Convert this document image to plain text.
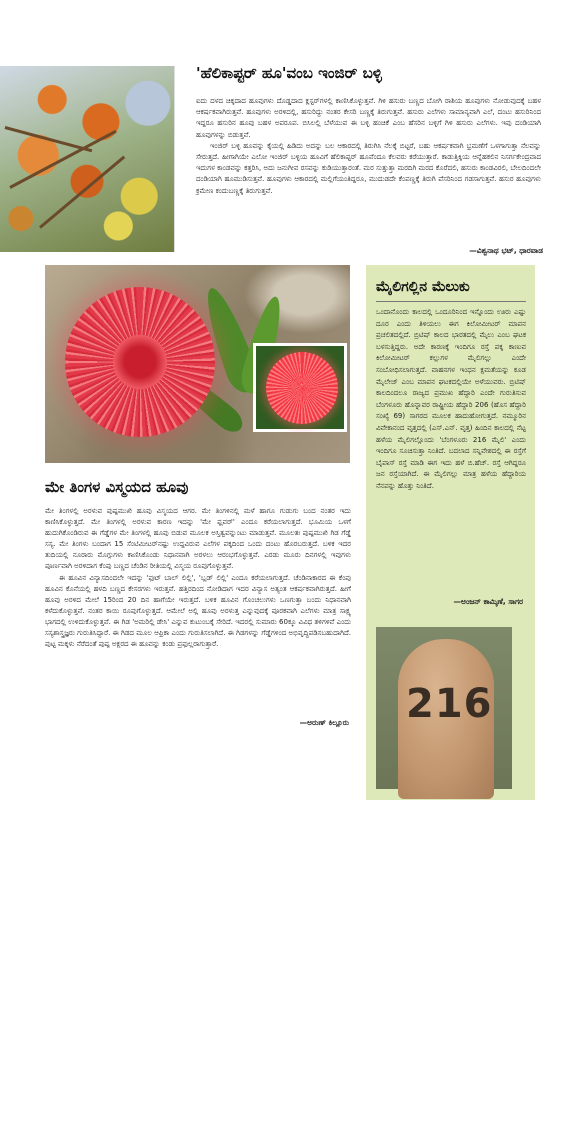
'ಹೆಲಿಕಾಪ್ಟರ್ ಹೂ'ವಂಬ ಇಂಜಿರ್ ಬಳ್ಳಿ

ಐದು ದಳದ ಚಿಕ್ಕದಾದ ಹೂವುಗಳು ದೊಡ್ಡದಾದ ಕ್ಲಸ್ಟರ್‌ಗಳಲ್ಲಿ ಕಾಣಿಸಿಕೊಳ್ಳುತ್ತವೆ. ಗಿಳಿ ಹಸುರು ಬಣ್ಣದ ಬೋಗಿ ರಾಶಿಯ ಹೂವುಗಳು ನೋಡುವುದಕ್ಕೆ ಬಹಳ ಆಕರ್ಷಕವಾಗಿರುತ್ತವೆ. ಹೂವುಗಳು ಅರಳಿದಲ್ಲಿ, ಹಸುರಿದ್ದು ನಂತರ ಕೇಸರಿ ಬಣ್ಣಕ್ಕೆ ತಿರುಗುತ್ತವೆ. ಹಸುರು ಎಲೆಗಳು ಸಾಮಾನ್ಯವಾಗಿ ಎಲೆ, ದಂಟು ಹಸುರಿನಿಂದ ಇದ್ದರೂ ಹಸುರಿನ ಹೂವು ಬಹಳ ಅಪರೂಪ. ಬಿಸಿಲಲ್ಲಿ ಬೆಳೆಯುವ ಈ ಬಳ್ಳಿ ಹಂಚಿಕೆ ಎಂಬ ಹೆಸರಿನ ಬಳ್ಳಿಗೆ ಗಿಳಿ ಹಸುರು ಎಲೆಗಳು. ಇವು ದಂಡಿಯಾಗಿ ಹೂವುಗಳನ್ನು ಬಿಡುತ್ತವೆ.

ಇಂಜಿರ್ ಬಳ್ಳಿ ಹೂವನ್ನು ಕೈಯಲ್ಲಿ ಹಿಡಿದು ಅದನ್ನು ಬಲ ಆಕಾರದಲ್ಲಿ ತಿರುಗಿಸಿ ನೆಲಕ್ಕೆ ಬಿಟ್ಟರೆ, ಬಹು ಆಕರ್ಷಕವಾಗಿ ಭ್ರಮಣೆಗೆ ಒಳಗಾಗುತ್ತಾ ನೆಲವನ್ನು ಸೇರುತ್ತದೆ. ಹೀಗಾಗಿಯೇ ಎಲೋ ಇಂಜಿರ್ ಬಳ್ಳಿಯ ಹೂವಿಗೆ ಹೆಲಿಕಾಪ್ಟರ್ ಹೂವೆಂದೂ ಕೆಲವರು ಕರೆಯುತ್ತಾರೆ. ಕಾಡುತ್ತಿಕ್ಕಿಯ ಆನ್ನೆಹಕಲಿನ ನಿಸರ್ಗಕೇಂದ್ರವಾದ ಇದುಗಳ ಕಾಂಡವನ್ನು ಕತ್ತರಿಸಿ, ಅದು ಜನುಗೀವ ರಸವನ್ನು ಕುಡಿಯುತ್ತಾರಂತೆ. ಮರ ಸುತ್ತುತ್ತಾ ಮರದಿಗಿ ಮರದ ಕೊರೆದಲಿ, ಹಸುರು ಕಾಂಡವಿರಲಿ, ಬೇಲದಿಂದಲೇ ದಂಡಿಯಾಗಿ ಹೂಮುಡಿಸುತ್ತವೆ. ಹೂವುಗಳು ಆಕಾರದಲ್ಲಿ ಮಲ್ಲಿಗೆಯಂತಿದ್ದರೂ, ಮುದುಡದೇ ಕೆಂಪಣ್ಣಕ್ಕೆ ತಿರುಗಿ ಪೆಸರಿನಿಂದ ಗಡಸಾಗುತ್ತವೆ. ಹಸುರ ಹೂವುಗಳು ಕ್ರಮೇಣ ಕಂದುಬಣ್ಣಕ್ಕೆ ತಿರುಗುತ್ತವೆ.

—ವಿಶ್ವನಾಥ ಭಟ್, ಧಾರವಾಡ
ಮೇ ತಿಂಗಳ ವಿಸ್ಮಯದ ಹೂವು

ಮೇ ತಿಂಗಳಲ್ಲಿ ಅರಳುವ ಪುಷ್ಪಮುಖಿ ಹೂವು ವಿಸ್ಮಯದ ಆಗರ. ಮೇ ತಿಂಗಳಿನಲ್ಲಿ ಮಳೆ ಹಾಗೂ ಗುಡುಗು ಬಂದ ನಂತರ ಇದು ಕಾಣಿಸಿಕೊಳ್ಳುತ್ತದೆ. ಮೇ ತಿಂಗಳಲ್ಲಿ ಅರಳುವ ಕಾರಣ ಇದನ್ನು 'ಮೇ ಫ್ಲವರ್' ಎಂದೂ ಕರೆಯಲಾಗುತ್ತದೆ. ಭೂಮಿಯ ಒಳಗೆ ಹುದುಗಿಕೊಂಡಿರುವ ಈ ಗೆಡ್ಡೆಗಳ ಮೇ ತಿಂಗಳಲ್ಲಿ ಹೂವು ಬಿಡುವ ಮೂಲಕ ಅಸ್ತಿತ್ವವನ್ನುಂಟು ಮಾಡುತ್ತವೆ. ಮೂಲತಃ ಪುಷ್ಪಮುಖಿ ಗಿಡ ಗೆಡ್ಡೆ ಸಸ್ಯ. ಮೇ ತಿಂಗಳು ಬಂದಾಗ 15 ಸೆಂಟಿಮೀಟರ್‌ನಷ್ಟು ಉದ್ದವಿರುವ ಎಲೆಗಳ ಪಕ್ಕದಿಂದ ಒಂದು ದಂಟು ಹೊರಬರುತ್ತದೆ. ಬಳಿಕ ಇದರ ತುದಿಯಲ್ಲಿ ನೂರಾರು ಮೊಗ್ಗುಗಳು ಕಾಣಿಸಿಕೊಂಡು ನಿಧಾನವಾಗಿ ಅರಳಲು ಆರಂಭಗೊಳ್ಳುತ್ತವೆ. ಎರಡು ಮೂರು ದಿನಗಳಲ್ಲಿ ಇವುಗಳು ಪೂರ್ಣವಾಗಿ ಅರಳಿದಾಗ ಕೆಂಪು ಬಣ್ಣದ ಚೆಂಡಿನ ರೀತಿಯಲ್ಲಿ ವಿಸ್ಮಯ ರೂಪುಗೊಳ್ಳುತ್ತವೆ.

ಈ ಹೂವಿನ ವಿನ್ಯಾಸದಿಂದಲೇ ಇದನ್ನು 'ಫುಟ್ ಬಾಲ್ ಲಿಲ್ಲಿ', 'ಬ್ಲಡ್ ಲಿಲ್ಲಿ' ಎಂದೂ ಕರೆಯಲಾಗುತ್ತದೆ. ಚೆಂಡಿನಾಕಾರದ ಈ ಕೆಂಪು ಹೂವಿನ ಕೊನೆಯಲ್ಲಿ ಹಳದಿ ಬಣ್ಣದ ಕೇಸರಗಳು ಇರುತ್ತವೆ. ಹತ್ತಿರದಿಂದ ನೋಡಿದಾಗ ಇದರ ವಿನ್ಯಾಸ ಅತ್ಯಂತ ಆಕರ್ಷಕವಾಗಿರುತ್ತದೆ. ಹೀಗೆ ಹೂವು ಅರಳಿದ ಮೇಲೆ 15ರಿಂದ 20 ದಿನ ಹಾಗೆಯೇ ಇರುತ್ತದೆ. ಬಳಿಕ ಹೂವಿನ ಗೊಂಚಲುಗಳು ಒಣಗುತ್ತಾ ಬಂದು ನಿಧಾನವಾಗಿ ಕಳೆದುಕೊಳ್ಳುತ್ತವೆ. ನಂತರ ಕಾಯಿ ರೂಪುಗೊಳ್ಳುತ್ತದೆ. ಆಮೇಲೆ ಅಲ್ಲಿ ಹೂವು ಅರಳುತ್ತ ಎನ್ನುವುದಕ್ಕೆ ಪೂರಕವಾಗಿ ಎಲೆಗಳು ಮಾತ್ರ ಸಾಕ್ಷ್ಯ ಭಾಗದಲ್ಲಿ ಉಳಿದುಕೊಳ್ಳುತ್ತವೆ. ಈ ಗಿಡ 'ಅಮರಿಲ್ಲಿ ಡೇಸಿ' ಎನ್ನುವ ಕುಟುಂಬಕ್ಕೆ ಸೇರಿದೆ. ಇದರಲ್ಲಿ ಸುಮಾರು 60ಕ್ಕೂ ವಿವಿಧ ತಳಿಗಳಿವೆ ಎಂದು ಸಸ್ಯಶಾಸ್ತ್ರಜ್ಞರು ಗುರುತಿಸಿದ್ದಾರೆ. ಈ ಗಿಡದ ಮೂಲ ಆಫ್ರಿಕಾ ಎಂದು ಗುರುತಿಸಲಾಗಿದೆ. ಈ ಗಿಡಗಳನ್ನು ಗೆಡ್ಡೆಗಳಿಂದ ಅಭಿವೃದ್ಧಿಪಡಿಸಬಹುದಾಗಿದೆ. ಪುಟ್ಟ ಮಕ್ಕಳು ನೆರೆದಂತೆ ಪುಷ್ಪ ಅಕ್ಷರದ ಈ ಹೂವನ್ನು ಕಂಡು ಪ್ರಫುಲ್ಲರಾಗುತ್ತಾರೆ.

—ಅರುಣ್ ಕಿಲ್ಲೂರು
ಮೈಲಿಗಲ್ಲಿನ ಮೆಲುಕು
ಒಂದಾನೊಂದು ಕಾಲದಲ್ಲಿ ಒಂದೂರಿನಿಂದ ಇನ್ನೊಂದು ಊರು ಎಷ್ಟು ದೂರ ಎಂದು ತಿಳಿಯಲು ಈಗ ಕಿಲೋಮೀಟರ್ ಮಾಪನ ಪ್ರಚಲಿತದಲ್ಲಿದೆ. ಬ್ರಿಟಿಷ್ ಕಾಲದ ಭಾರತದಲ್ಲಿ ಮೈಲು ಎಂಬ ಘಟಕ ಬಳಸುತ್ತಿದ್ದರು. ಅದೇ ಕಾರಣಕ್ಕೆ ಇಂದಿಗೂ ರಸ್ತೆ ಪಕ್ಕ ಕಾಣುವ ಕಿಲೋಮೀಟರ್ ಕಲ್ಲುಗಳ ಮೈಲಿಗಲ್ಲು ಎಂದೇ ಸಂಬೋಧಿಸಲಾಗುತ್ತದೆ. ವಾಹನಗಳ ಇಂಧನ ಕ್ಷಮತೆಯನ್ನು ಕೂಡ ಮೈಲೇಜ್ ಎಂಬ ಮಾಪನ ಘಟಕದಲ್ಲಿಯೇ ಅಳೆಯುವರು. ಬ್ರಿಟಿಷ್ ಕಾಲದಿಂದಲೂ ರಾಜ್ಯದ ಪ್ರಮುಖ ಹೆದ್ದಾರಿ ಎಂದೇ ಗುರುತಿಸುವ ಬೆಂಗಳೂರು ಹೊನ್ನಾವರ ರಾಷ್ಟ್ರೀಯ ಹೆದ್ದಾರಿ 206 (ಹೊಸ ಹೆದ್ದಾರಿ ಸಂಖ್ಯೆ 69) ಸಾಗರದ ಮೂಲಕ ಹಾದುಹೋಗುತ್ತದೆ. ನಮ್ಮೂರಿನ ವಿವೇಕಾನಂದ ವೃತ್ತದಲ್ಲಿ (ಎಸ್.ಎನ್. ವೃತ್ತ) ಹಿಂದಿನ ಕಾಲದಲ್ಲಿ ನೆಟ್ಟ ಹಳೆಯ ಮೈಲಿಗಲ್ಲೊಂದು 'ಬೆಂಗಳೂರು 216 ಮೈಲಿ' ಎಂದು ಇಂದಿಗೂ ಸೂಚಿಸುತ್ತಾ ನಿಂತಿದೆ. ಬದಲಾದ ಸನ್ನಿವೇಶದಲ್ಲಿ ಈ ರಸ್ತೆಗೆ ಬೈಪಾಸ್ ರಸ್ತೆ ಮಾಡಿ ಈಗ ಇದು ಹಳೆ ಬಿ.ಹೆಚ್. ರಸ್ತೆ ಆಗಿದ್ದರೂ ಜನ ರಸ್ತೆಯಾಗಿದೆ. ಈ ಮೈಲಿಗಲ್ಲು ಮಾತ್ರ ಹಳೆಯ ಹೆದ್ದಾರಿಯ ನೆನಪನ್ನು ಹೊತ್ತು ನಿಂತಿದೆ.
—ಅಂಜನ್ ಕಾಮ್ಕಿಣೆ, ಸಾಗರ
216
ಮುದ್ರಾ 22 ಮೇ 2025
